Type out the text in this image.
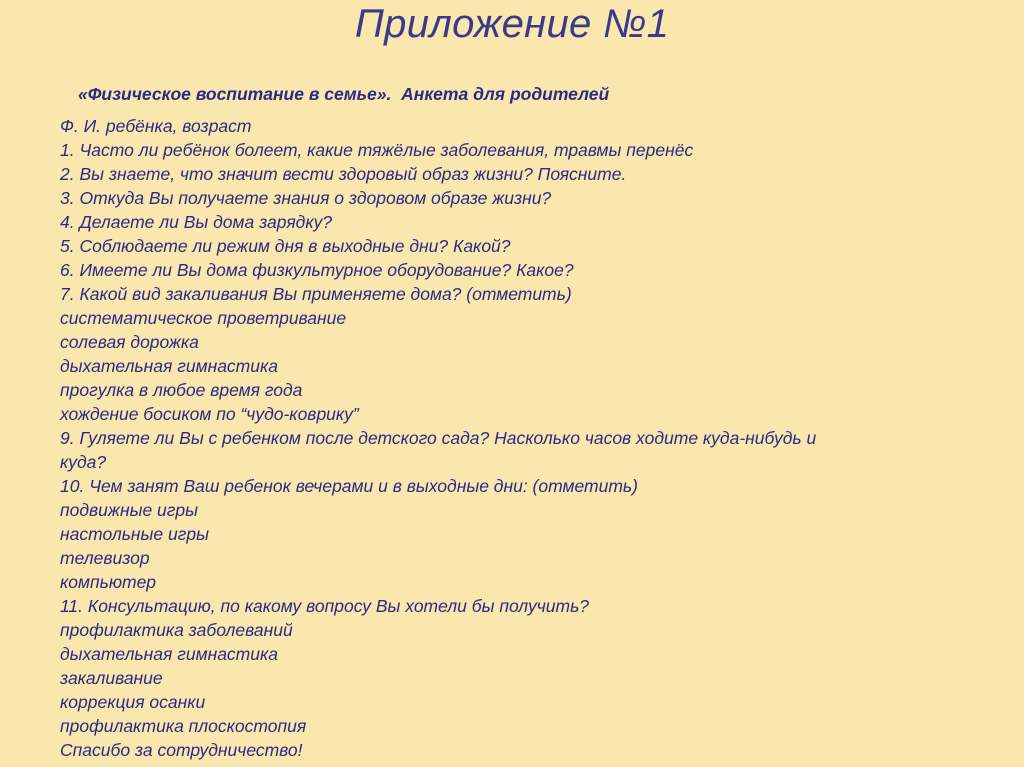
Приложение №1
«Физическое воспитание в семье».  Анкета для родителей
Ф. И. ребёнка, возраст
1. Часто ли ребёнок болеет, какие тяжёлые заболевания, травмы перенёс
2. Вы знаете, что значит вести здоровый образ жизни? Поясните.
3. Откуда Вы получаете знания о здоровом образе жизни?
4. Делаете ли Вы дома зарядку?
5. Соблюдаете ли режим дня в выходные дни? Какой?
6. Имеете ли Вы дома физкультурное оборудование? Какое?
7. Какой вид закаливания Вы применяете дома? (отметить)
систематическое проветривание
солевая дорожка
дыхательная гимнастика
прогулка в любое время года
хождение босиком по “чудо-коврику”
9. Гуляете ли Вы с ребенком после детского сада? Насколько часов ходите куда-нибудь и
куда?
10. Чем занят Ваш ребенок вечерами и в выходные дни: (отметить)
подвижные игры
настольные игры
телевизор
компьютер
11. Консультацию, по какому вопросу Вы хотели бы получить?
профилактика заболеваний
дыхательная гимнастика
закаливание
коррекция осанки
профилактика плоскостопия
Спасибо за сотрудничество!
